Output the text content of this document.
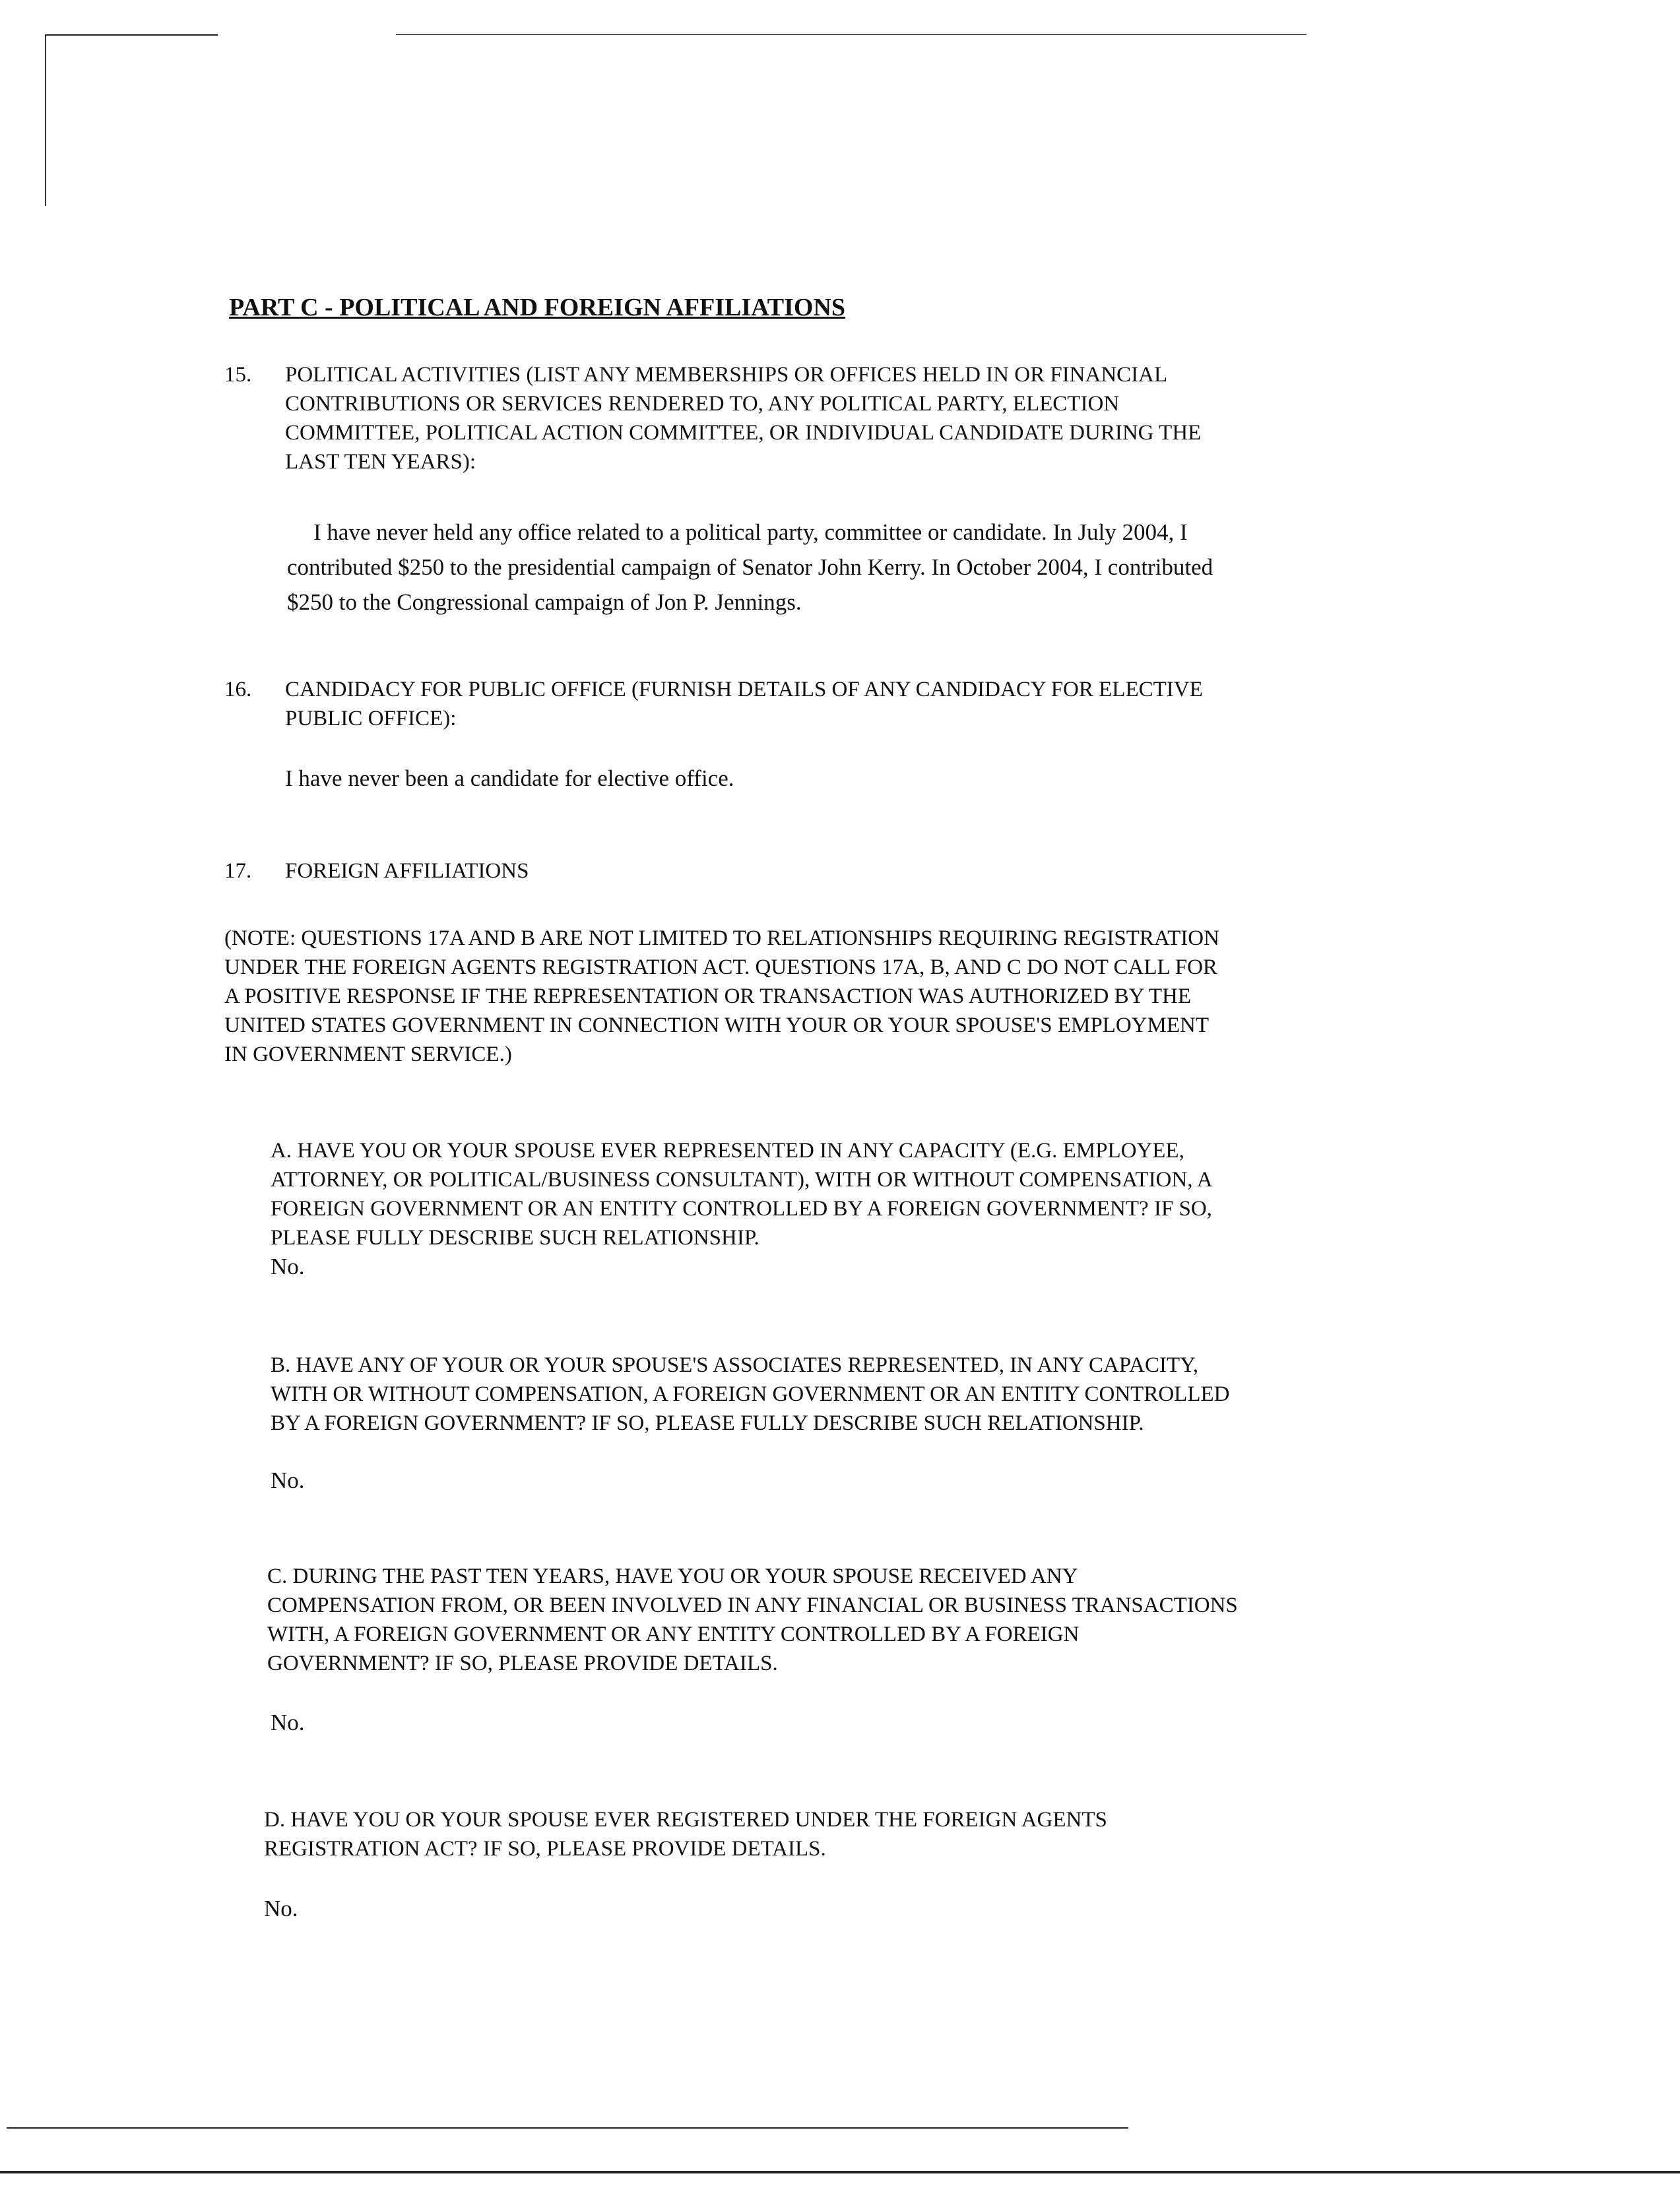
PART C - POLITICAL AND FOREIGN AFFILIATIONS
15. POLITICAL ACTIVITIES (LIST ANY MEMBERSHIPS OR OFFICES HELD IN OR FINANCIAL
CONTRIBUTIONS OR SERVICES RENDERED TO, ANY POLITICAL PARTY, ELECTION
COMMITTEE, POLITICAL ACTION COMMITTEE, OR INDIVIDUAL CANDIDATE DURING THE
LAST TEN YEARS):
I have never held any office related to a political party, committee or candidate. In July 2004, I
contributed $250 to the presidential campaign of Senator John Kerry. In October 2004, I contributed
$250 to the Congressional campaign of Jon P. Jennings.
16. CANDIDACY FOR PUBLIC OFFICE (FURNISH DETAILS OF ANY CANDIDACY FOR ELECTIVE
PUBLIC OFFICE):
I have never been a candidate for elective office.
17. FOREIGN AFFILIATIONS
(NOTE: QUESTIONS 17A AND B ARE NOT LIMITED TO RELATIONSHIPS REQUIRING REGISTRATION
UNDER THE FOREIGN AGENTS REGISTRATION ACT. QUESTIONS 17A, B, AND C DO NOT CALL FOR
A POSITIVE RESPONSE IF THE REPRESENTATION OR TRANSACTION WAS AUTHORIZED BY THE
UNITED STATES GOVERNMENT IN CONNECTION WITH YOUR OR YOUR SPOUSE'S EMPLOYMENT
IN GOVERNMENT SERVICE.)
A. HAVE YOU OR YOUR SPOUSE EVER REPRESENTED IN ANY CAPACITY (E.G. EMPLOYEE,
ATTORNEY, OR POLITICAL/BUSINESS CONSULTANT), WITH OR WITHOUT COMPENSATION, A
FOREIGN GOVERNMENT OR AN ENTITY CONTROLLED BY A FOREIGN GOVERNMENT? IF SO,
PLEASE FULLY DESCRIBE SUCH RELATIONSHIP.
No.
B. HAVE ANY OF YOUR OR YOUR SPOUSE'S ASSOCIATES REPRESENTED, IN ANY CAPACITY,
WITH OR WITHOUT COMPENSATION, A FOREIGN GOVERNMENT OR AN ENTITY CONTROLLED
BY A FOREIGN GOVERNMENT? IF SO, PLEASE FULLY DESCRIBE SUCH RELATIONSHIP.
No.
C. DURING THE PAST TEN YEARS, HAVE YOU OR YOUR SPOUSE RECEIVED ANY
COMPENSATION FROM, OR BEEN INVOLVED IN ANY FINANCIAL OR BUSINESS TRANSACTIONS
WITH, A FOREIGN GOVERNMENT OR ANY ENTITY CONTROLLED BY A FOREIGN
GOVERNMENT? IF SO, PLEASE PROVIDE DETAILS.
No.
D. HAVE YOU OR YOUR SPOUSE EVER REGISTERED UNDER THE FOREIGN AGENTS
REGISTRATION ACT? IF SO, PLEASE PROVIDE DETAILS.
No.
